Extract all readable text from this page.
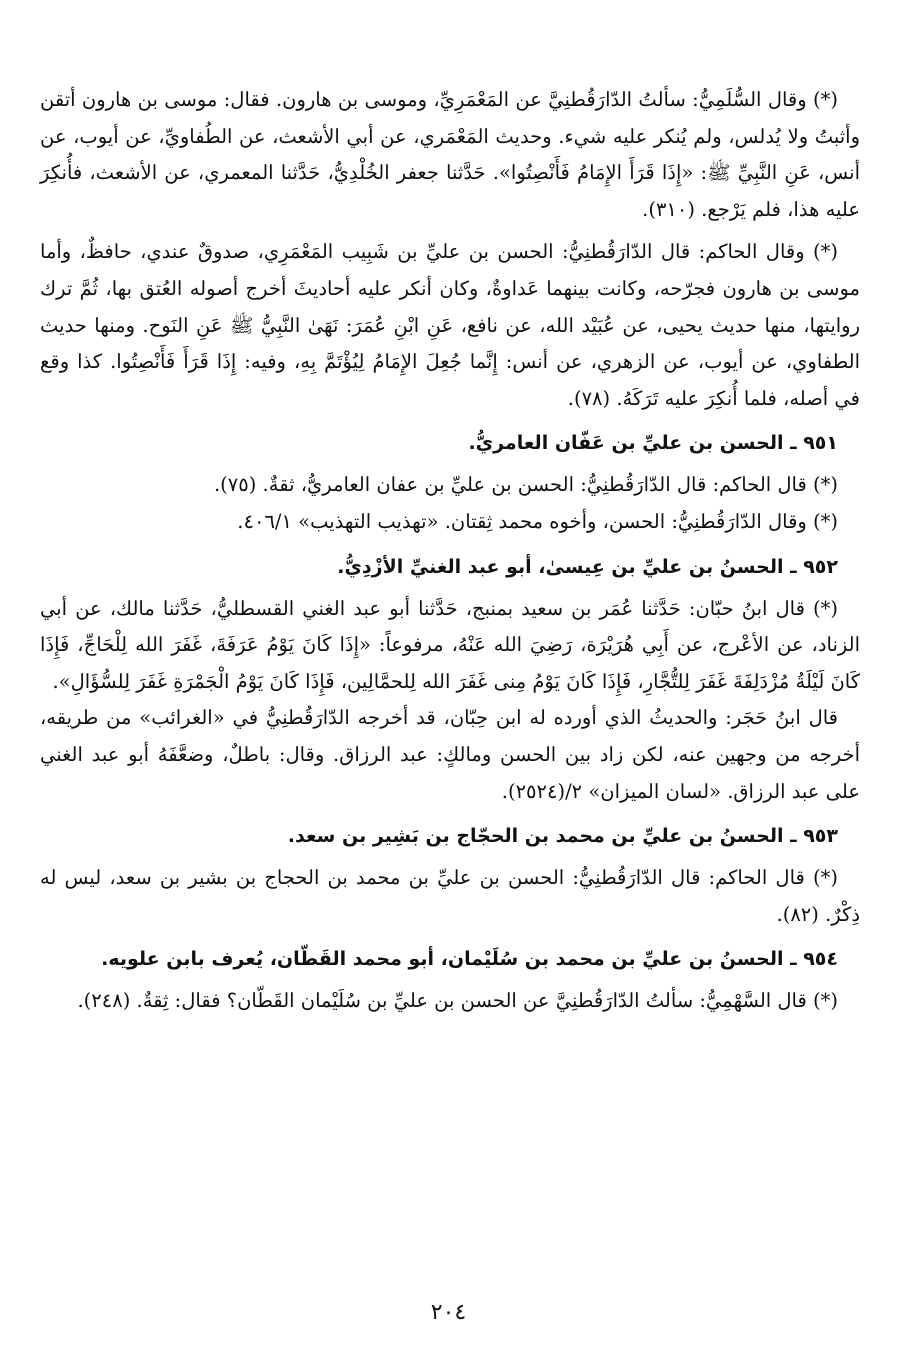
(*) وقال السُّلَمِيُّ: سألتُ الدّارَقُطنِيَّ عن المَعْمَرِيِّ، وموسى بن هارون. فقال: موسى بن هارون أتقن وأثبتُ ولا يُدلس، ولم يُنكر عليه شيء. وحديث المَعْمَري، عن أبي الأشعث، عن الطُفاويِّ، عن أيوب، عن أنس، عَنِ النَّبِيِّ ﷺ: «إِذَا قَرَأَ الإِمَامُ فَأَنْصِتُوا». حَدَّثنا جعفر الخُلْدِيُّ، حَدَّثنا المعمري، عن الأشعث، فأُنكِرَ عليه هذا، فلم يَرْجع. (٣١٠).

(*) وقال الحاكم: قال الدّارَقُطنِيُّ: الحسن بن عليِّ بن شَبِيب المَعْمَرِي، صدوقٌ عندي، حافظٌ، وأما موسى بن هارون فجرّحه، وكانت بينهما عَداوةٌ، وكان أنكر عليه أحاديثَ أخرج أصوله العُتق بها، ثُمَّ ترك روايتها، منها حديث يحيى، عن عُبَيْد الله، عن نافع، عَنِ ابْنِ عُمَرَ: نَهَىٰ النَّبِيُّ ﷺ عَنِ النَوح. ومنها حديث الطفاوي، عن أيوب، عن الزهري، عن أنس: إِنَّما جُعِلَ الإِمَامُ لِيُؤْتَمَّ بِهِ، وفيه: إِذَا قَرَأَ فَأَنْصِتُوا. كذا وقع في أصله، فلما أُنكِرَ عليه تَرَكَهُ. (٧٨).

٩٥١ ـ الحسن بن عليِّ بن عَفّان العامريُّ.

(*) قال الحاكم: قال الدّارَقُطنِيُّ: الحسن بن عليِّ بن عفان العامريُّ، ثقةٌ. (٧٥).

(*) وقال الدّارَقُطنِيُّ: الحسن، وأخوه محمد ثِقتان. «تهذيب التهذيب» ٤٠٦/١.

٩٥٢ ـ الحسنُ بن عليِّ بن عِيسىٰ، أبو عبد الغنيِّ الأزْدِيُّ.

(*) قال ابنُ حبّان: حَدَّثنا عُمَر بن سعيد بمنبج، حَدَّثنا أبو عبد الغني القسطليُّ، حَدَّثنا مالك، عن أبي الزناد، عن الأعْرج، عن أَبِي هُرَيْرَة، رَضِيَ الله عَنْهُ، مرفوعاً: «إِذَا كَانَ يَوْمُ عَرَفَةَ، غَفَرَ الله لِلْحَاجِّ، فَإِذَا كَانَ لَيْلَةُ مُزْدَلِفَةَ غَفَرَ لِلتُّجَّارِ، فَإِذَا كَانَ يَوْمُ مِنى غَفَرَ الله لِلحمَّالِين، فَإِذَا كَانَ يَوْمُ الْجَمْرَةِ غَفَرَ لِلسُّؤَالِ».

قال ابنُ حَجَر: والحديثُ الذي أورده له ابن حِبّان، قد أخرجه الدّارَقُطنِيُّ في «الغرائب» من طريقه، أخرجه من وجهين عنه، لكن زاد بين الحسن ومالكٍ: عبد الرزاق. وقال: باطلٌ، وضعَّفَهُ أبو عبد الغني على عبد الرزاق. «لسان الميزان» ٢/(٢٥٢٤).

٩٥٣ ـ الحسنُ بن عليِّ بن محمد بن الحجّاج بن بَشِير بن سعد.

(*) قال الحاكم: قال الدّارَقُطنِيُّ: الحسن بن عليِّ بن محمد بن الحجاج بن بشير بن سعد، ليس له ذِكْرٌ. (٨٢).

٩٥٤ ـ الحسنُ بن عليِّ بن محمد بن سُلَيْمان، أبو محمد القَطّان، يُعرف بابن علويه.

(*) قال السَّهْمِيُّ: سألتُ الدّارَقُطنِيَّ عن الحسن بن عليِّ بن سُلَيْمان القَطّان؟ فقال: ثِقةٌ. (٢٤٨).

٢٠٤
